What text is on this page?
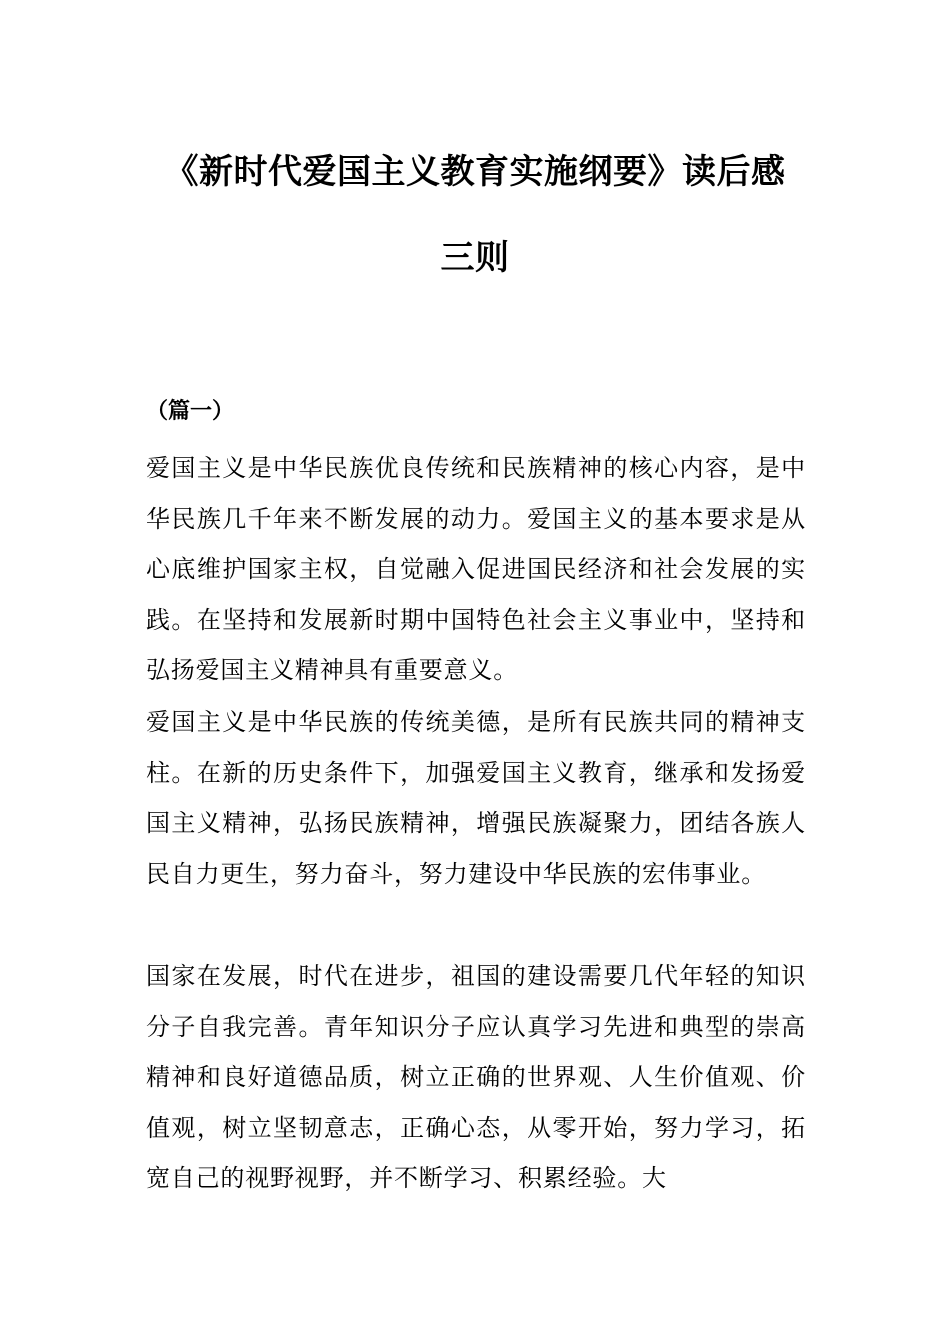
《新时代爱国主义教育实施纲要》读后感
三则
（篇一）

爱国主义是中华民族优良传统和民族精神的核心内容，是中华民族几千年来不断发展的动力。爱国主义的基本要求是从心底维护国家主权，自觉融入促进国民经济和社会发展的实践。在坚持和发展新时期中国特色社会主义事业中，坚持和弘扬爱国主义精神具有重要意义。

爱国主义是中华民族的传统美德，是所有民族共同的精神支柱。在新的历史条件下，加强爱国主义教育，继承和发扬爱国主义精神，弘扬民族精神，增强民族凝聚力，团结各族人民自力更生，努力奋斗，努力建设中华民族的宏伟事业。

国家在发展，时代在进步，祖国的建设需要几代年轻的知识分子自我完善。青年知识分子应认真学习先进和典型的崇高精神和良好道德品质，树立正确的世界观、人生价值观、价值观，树立坚韧意志，正确心态，从零开始，努力学习，拓宽自己的视野视野，并不断学习、积累经验。大
